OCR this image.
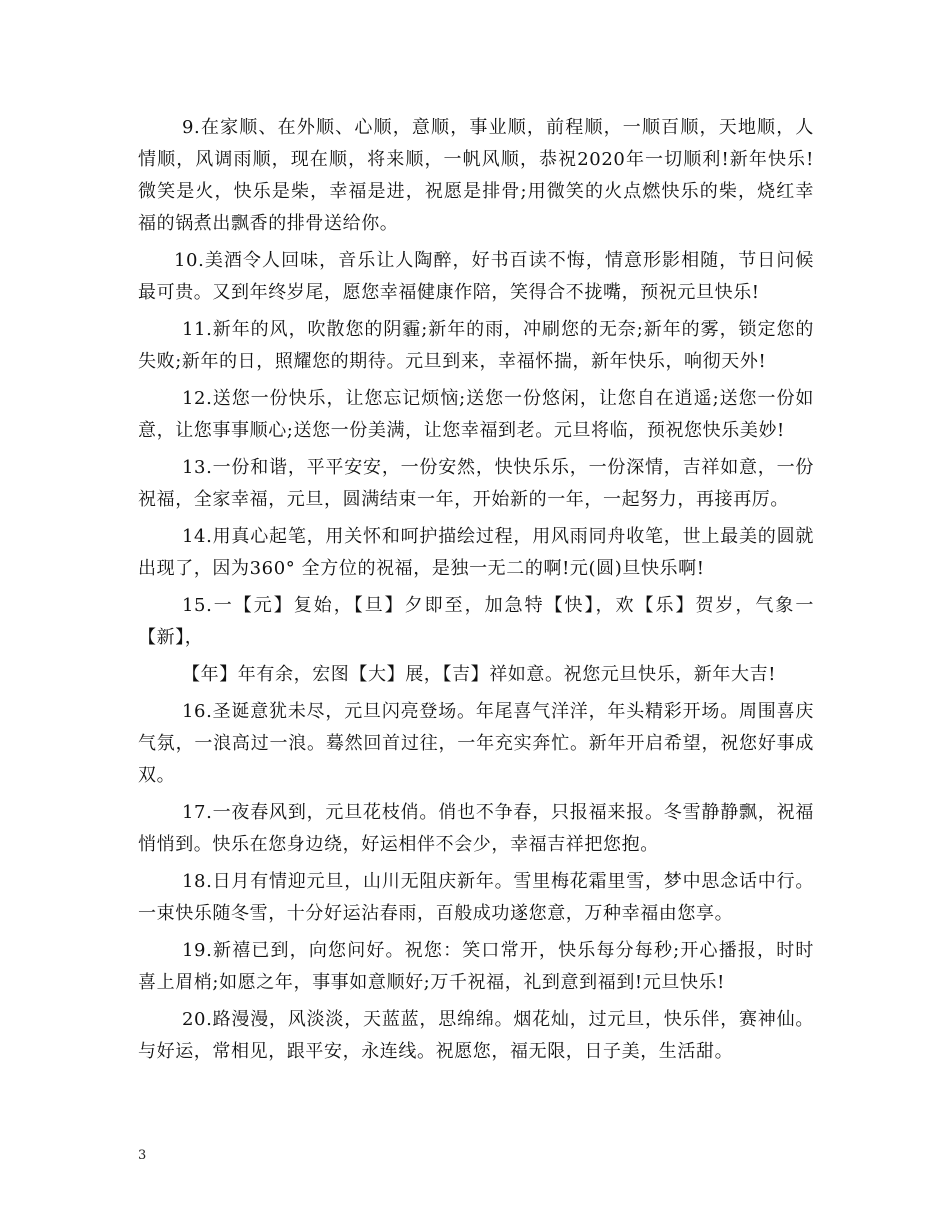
9.在家顺、在外顺、心顺，意顺，事业顺，前程顺，一顺百顺，天地顺，人情顺，风调雨顺，现在顺，将来顺，一帆风顺，恭祝2020年一切顺利!新年快乐!微笑是火，快乐是柴，幸福是进，祝愿是排骨;用微笑的火点燃快乐的柴，烧红幸福的锅煮出飘香的排骨送给你。

10.美酒令人回味，音乐让人陶醉，好书百读不悔，情意形影相随，节日问候最可贵。又到年终岁尾，愿您幸福健康作陪，笑得合不拢嘴，预祝元旦快乐!

11.新年的风，吹散您的阴霾;新年的雨，冲刷您的无奈;新年的雾，锁定您的失败;新年的日，照耀您的期待。元旦到来，幸福怀揣，新年快乐，响彻天外!

12.送您一份快乐，让您忘记烦恼;送您一份悠闲，让您自在逍遥;送您一份如意，让您事事顺心;送您一份美满，让您幸福到老。元旦将临，预祝您快乐美妙!

13.一份和谐，平平安安，一份安然，快快乐乐，一份深情，吉祥如意，一份祝福，全家幸福，元旦，圆满结束一年，开始新的一年，一起努力，再接再厉。

14.用真心起笔，用关怀和呵护描绘过程，用风雨同舟收笔，世上最美的圆就出现了，因为360° 全方位的祝福，是独一无二的啊!元(圆)旦快乐啊!

15.一【元】复始，【旦】夕即至，加急特【快】，欢【乐】贺岁，气象一【新】，

【年】年有余，宏图【大】展，【吉】祥如意。祝您元旦快乐，新年大吉!

16.圣诞意犹未尽，元旦闪亮登场。年尾喜气洋洋，年头精彩开场。周围喜庆气氛，一浪高过一浪。蓦然回首过往，一年充实奔忙。新年开启希望，祝您好事成双。

17.一夜春风到，元旦花枝俏。俏也不争春，只报福来报。冬雪静静飘，祝福悄悄到。快乐在您身边绕，好运相伴不会少，幸福吉祥把您抱。

18.日月有情迎元旦，山川无阻庆新年。雪里梅花霜里雪，梦中思念话中行。一束快乐随冬雪，十分好运沾春雨，百般成功遂您意，万种幸福由您享。

19.新禧已到，向您问好。祝您：笑口常开，快乐每分每秒;开心播报，时时喜上眉梢;如愿之年，事事如意顺好;万千祝福，礼到意到福到!元旦快乐!

20.路漫漫，风淡淡，天蓝蓝，思绵绵。烟花灿，过元旦，快乐伴，赛神仙。与好运，常相见，跟平安，永连线。祝愿您，福无限，日子美，生活甜。

3
